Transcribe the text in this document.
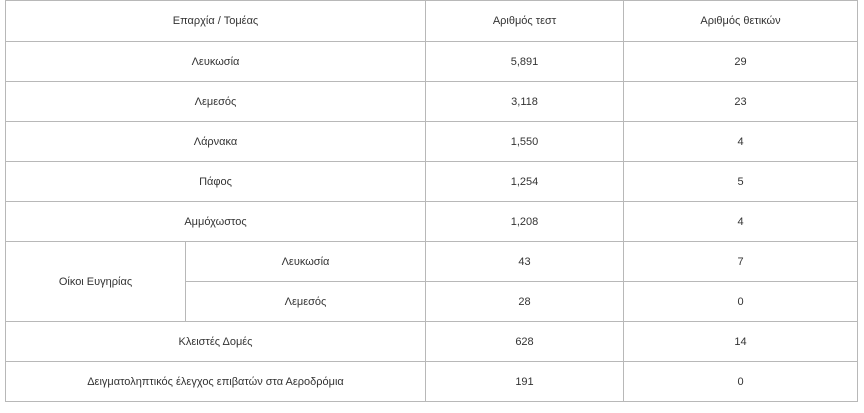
Επαρχία / Τομέας		Αριθμός τεστ	Αριθμός θετικών
Λευκωσία		5,891	29
Λεμεσός		3,118	23
Λάρνακα		1,550	4
Πάφος		1,254	5
Αμμόχωστος		1,208	4
Οίκοι Ευγηρίας	Λευκωσία	43	7
	Λεμεσός	28	0
Κλειστές Δομές		628	14
Δειγματοληπτικός έλεγχος επιβατών στα Αεροδρόμια		191	0
